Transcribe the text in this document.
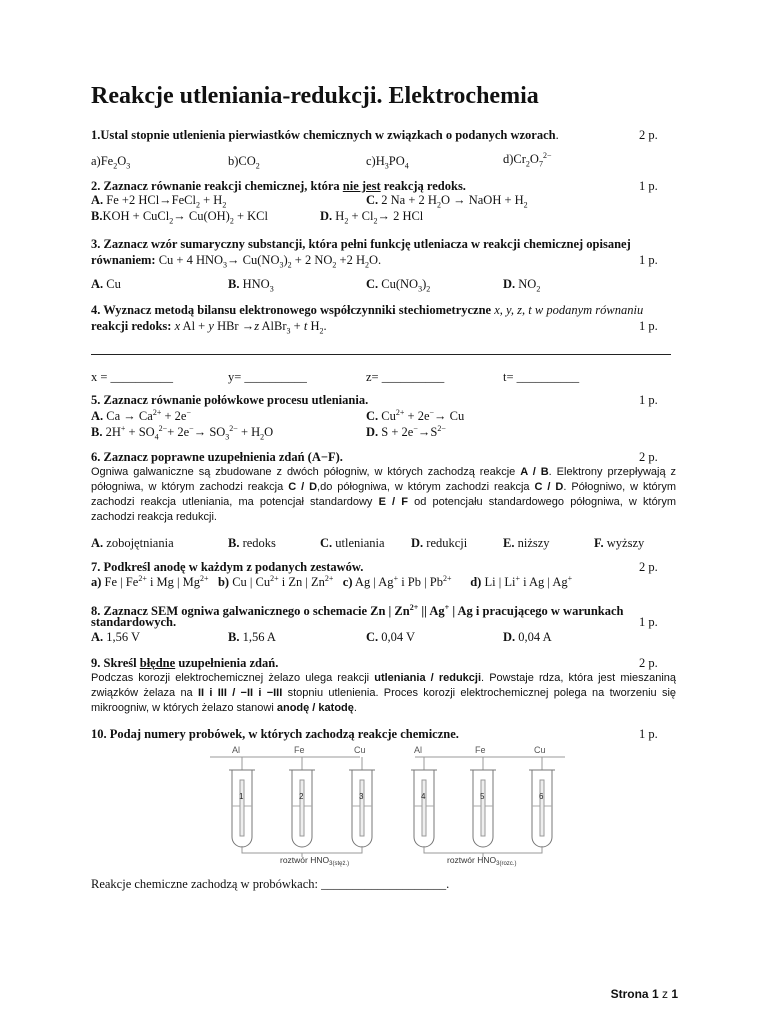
Reakcje utleniania-redukcji. Elektrochemia
1.Ustal stopnie utlenienia pierwiastków chemicznych w związkach o podanych wzorach.	2 p.
$a)Fe_2O_3$	$b)CO_2$	$c)H_3PO_4$	$d)Cr_2O_7^{2-}$
2. Zaznacz równanie reakcji chemicznej, która nie jest reakcją redoks.	1 p.
A. Fe +2 HCl→FeCl$_2$ + $H_2$	C. 2 Na + 2 $H_2O$ → NaOH + $H_2$
B.KOH + CuCl$_2$→ $Cu(OH)_2$ + KCl	D. $H_2 + Cl_2\to 2$ HCl
3. Zaznacz wzór sumaryczny substancji, która pełni funkcję utleniacza w reakcji chemicznej opisanej
równaniem: Cu + 4 $HNO_3\to Cu(NO_3)_2 + 2$ $NO_2 +2$ $H_2O$.	1 p.
A. Cu	B. $HNO_3$	C. $Cu(NO_3)_2$	D. $NO_2$
4. Wyznacz metodą bilansu elektronowego współczynniki stechiometryczne x, y, z, t w podanym równaniu
reakcji redoks: x Al + y HBr →z AlBr$_3$ + t $H_2$.	1 p.
x = __________	y= __________	z= __________	t= __________
5. Zaznacz równanie połówkowe procesu utleniania.	1 p.
A. $Ca \to Ca^{2+} + 2e^-$	C. $Cu^{2+} + 2e^-\to Cu$
B. $2H^+ + SO_4^{2-}+ 2e^-\to SO_3^{2-} + H_2O$	D. $S + 2e^-\to S^{2-}$
6. Zaznacz poprawne uzupełnienia zdań (A−F).	2 p.
Ogniwa galwaniczne są zbudowane z dwóch półogniw, w których zachodzą reakcje A / B. Elektrony przepływają z półogniwa, w którym zachodzi reakcja C / D,do półogniwa, w którym zachodzi reakcja C / D. Półogniwo, w którym zachodzi reakcja utleniania, ma potencjał standardowy E / F od potencjału standardowego półogniwa, w którym zachodzi reakcja redukcji.
A. zobojętniania	B. redoks	C. utleniania D. redukcji	E. niższy	F. wyższy
7. Podkreśl anodę w każdym z podanych zestawów.	2 p.
a) Fe | $Fe^{2+}$ i Mg | $Mg^{2+}$ b) Cu | $Cu^{2+}$ i Zn | $Zn^{2+}$ c) Ag | Ag+ i Pb | $Pb^{2+}$ d) Li | Li+ i Ag | Ag+
8. Zaznacz SEM ogniwa galwanicznego o schemacie Zn | $Zn^{2+}$ || Ag+ | Ag i pracującego w warunkach
standardowych.	1 p.
A. 1,56 V	B. 1,56 A	C. 0,04 V	D. 0,04 A
9. Skreśl błędne uzupełnienia zdań.	2 p.
Podczas korozji elektrochemicznej żelazo ulega reakcji utleniania / redukcji. Powstaje rdza, która jest mieszaniną związków żelaza na II i III / −II i −III stopniu utlenienia. Proces korozji elektrochemicznej polega na tworzeniu się mikroogniw, w których żelazo stanowi anodę / katodę.
10. Podaj numery probówek, w których zachodzą reakcje chemiczne.	1 p.
Al
1
Fe
2
Cu
3
Al
4
Fe
5
Cu
6
roztwór $HNO_{3(stęż.)}$	roztwór $HNO_{3(rozc.)}$
Reakcje chemiczne zachodzą w probówkach: ____________________.
Strona 1 z 1
